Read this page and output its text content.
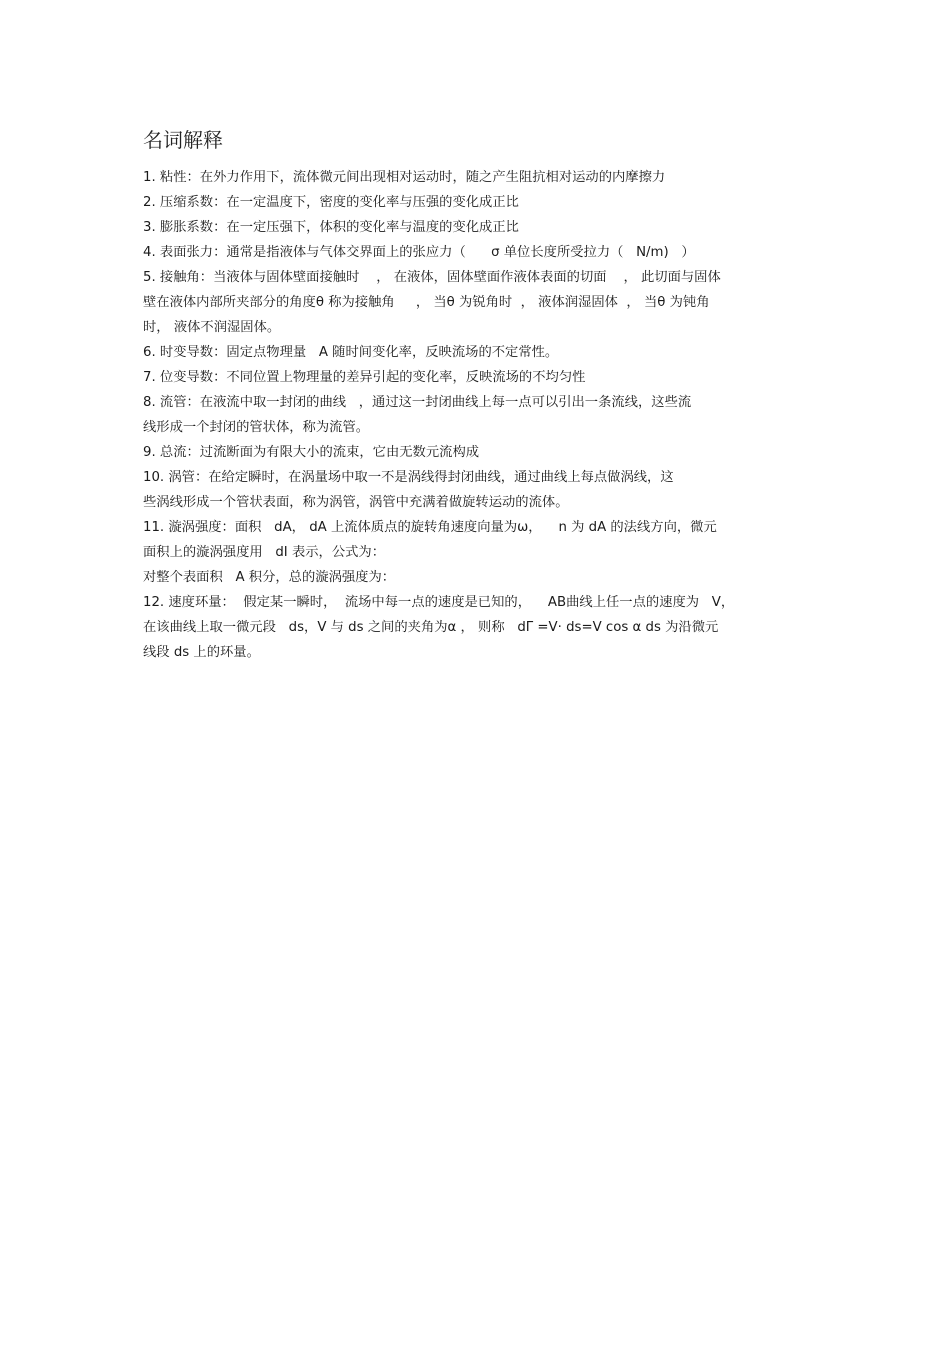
名词解释
1. 粘性：在外力作用下，流体微元间出现相对运动时，随之产生阻抗相对运动的内摩擦力
2. 压缩系数：在一定温度下，密度的变化率与压强的变化成正比
3. 膨胀系数：在一定压强下，体积的变化率与温度的变化成正比
4. 表面张力：通常是指液体与气体交界面上的张应力（      σ 单位长度所受拉力（   N/m)   ）
5. 接触角：当液体与固体壁面接触时    ， 在液体，固体壁面作液体表面的切面    ， 此切面与固体
壁在液体内部所夹部分的角度θ 称为接触角     ， 当θ 为锐角时  ， 液体润湿固体  ， 当θ 为钝角
时， 液体不润湿固体。
6. 时变导数：固定点物理量   A 随时间变化率，反映流场的不定常性。
7. 位变导数：不同位置上物理量的差异引起的变化率，反映流场的不均匀性
8. 流管：在液流中取一封闭的曲线   ，通过这一封闭曲线上每一点可以引出一条流线，这些流
线形成一个封闭的管状体，称为流管。
9. 总流：过流断面为有限大小的流束，它由无数元流构成
10. 涡管：在给定瞬时，在涡量场中取一不是涡线得封闭曲线，通过曲线上每点做涡线，这
些涡线形成一个管状表面，称为涡管，涡管中充满着做旋转运动的流体。
11. 漩涡强度：面积   dA， dA 上流体质点的旋转角速度向量为ω，    n 为 dA 的法线方向，微元
面积上的漩涡强度用   dI 表示，公式为：
对整个表面积   A 积分，总的漩涡强度为：
12. 速度环量：  假定某一瞬时，  流场中每一点的速度是已知的，    AB曲线上任一点的速度为   V，
在该曲线上取一微元段   ds，V 与 ds 之间的夹角为α ， 则称   dΓ =V· ds=V cos α ds 为沿微元
线段 ds 上的环量。
